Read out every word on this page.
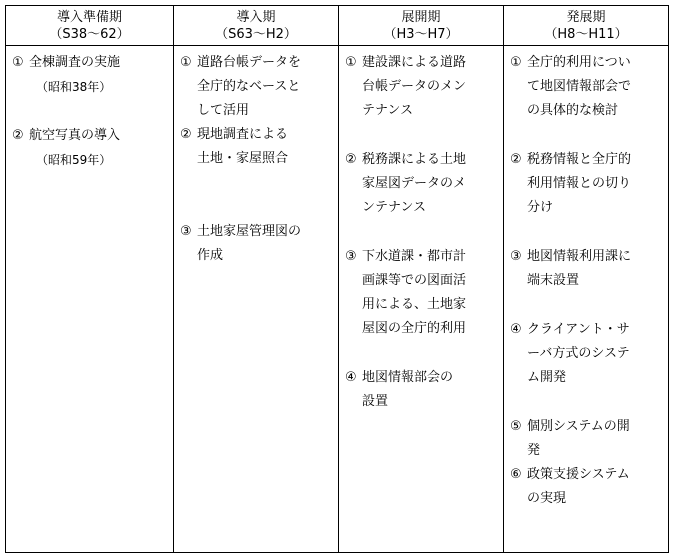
導入準備期
（S38～62）
① 全棟調査の実施
（昭和38年）
② 航空写真の導入
（昭和59年）
導入期
（S63～H2）
① 道路台帳データを
全庁的なベースと
して活用
② 現地調査による
土地・家屋照合
③ 土地家屋管理図の
作成
展開期
（H3～H7）
① 建設課による道路
台帳データのメン
テナンス
② 税務課による土地
家屋図データのメ
ンテナンス
③ 下水道課・都市計
画課等での図面活
用による、土地家
屋図の全庁的利用
④ 地図情報部会の
設置
発展期
（H8～H11）
① 全庁的利用につい
て地図情報部会で
の具体的な検討
② 税務情報と全庁的
利用情報との切り
分け
③ 地図情報利用課に
端末設置
④ クライアント・サ
ーバ方式のシステ
ム開発
⑤ 個別システムの開
発
⑥ 政策支援システム
の実現
